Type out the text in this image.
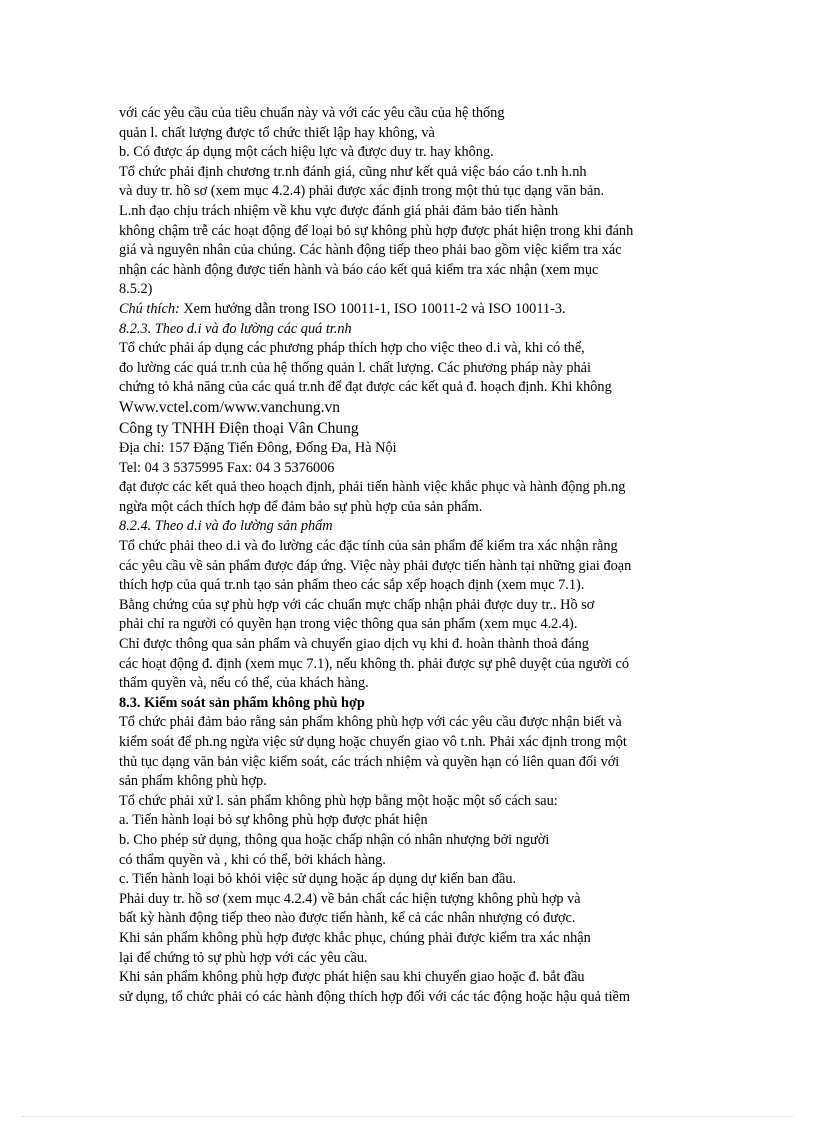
với các yêu cầu của tiêu chuẩn này và với các yêu cầu của hệ thống
quản l. chất lượng được tổ chức thiết lập hay không, và
b. Có được áp dụng một cách hiệu lực và được duy tr. hay không.
Tổ chức phải định chương tr.nh đánh giá, cũng như kết quả việc báo cáo t.nh h.nh
và duy tr. hồ sơ (xem mục 4.2.4) phải được xác định trong một thủ tục dạng văn bản.
L.nh đạo chịu trách nhiệm về khu vực được đánh giá phải đảm bảo tiến hành
không chậm trễ các hoạt động để loại bỏ sự không phù hợp được phát hiện trong khi đánh
giá và nguyên nhân của chúng. Các hành động tiếp theo phải bao gồm việc kiểm tra xác
nhận các hành động được tiến hành và báo cáo kết quả kiểm tra xác nhận (xem mục
8.5.2)
Chú thích: Xem hướng dẫn trong ISO 10011-1, ISO 10011-2 và ISO 10011-3.
8.2.3. Theo d.i và đo lường các quá tr.nh
Tổ chức phải áp dụng các phương pháp thích hợp cho việc theo d.i và, khi có thể,
đo lường các quá tr.nh của hệ thống quản l. chất lượng. Các phương pháp này phải
chứng tỏ khả năng của các quá tr.nh để đạt được các kết quả đ. hoạch định. Khi không
Www.vctel.com/www.vanchung.vn
Công ty TNHH Điện thoại Vân Chung
Địa chỉ: 157 Đặng Tiến Đông, Đống Đa, Hà Nội
Tel: 04 3 5375995 Fax: 04 3 5376006
đạt được các kết quả theo hoạch định, phải tiến hành việc khắc phục và hành động ph.ng
ngừa một cách thích hợp để đảm bảo sự phù hợp của sản phẩm.
8.2.4. Theo d.i và đo lường sản phẩm
Tổ chức phải theo d.i và đo lường các đặc tính của sản phẩm để kiểm tra xác nhận rằng
các yêu cầu về sản phẩm được đáp ứng. Việc này phải được tiến hành tại những giai đoạn
thích hợp của quá tr.nh tạo sản phẩm theo các sắp xếp hoạch định (xem mục 7.1).
Bằng chứng của sự phù hợp với các chuẩn mực chấp nhận phải được duy tr.. Hồ sơ
phải chỉ ra người có quyền hạn trong việc thông qua sản phẩm (xem mục 4.2.4).
Chỉ được thông qua sản phẩm và chuyển giao dịch vụ khi đ. hoàn thành thoả đáng
các hoạt động đ. định (xem mục 7.1), nếu không th. phải được sự phê duyệt của người có
thẩm quyền và, nếu có thể, của khách hàng.
8.3. Kiểm soát sản phẩm không phù hợp
Tổ chức phải đảm bảo rằng sản phẩm không phù hợp với các yêu cầu được nhận biết và
kiểm soát để ph.ng ngừa việc sử dụng hoặc chuyển giao vô t.nh. Phải xác định trong một
thủ tục dạng văn bản việc kiểm soát, các trách nhiệm và quyền hạn có liên quan đối với
sản phẩm không phù hợp.
Tổ chức phải xử l. sản phẩm không phù hợp bằng một hoặc một số cách sau:
a. Tiến hành loại bỏ sự không phù hợp được phát hiện
b. Cho phép sử dụng, thông qua hoặc chấp nhận có nhân nhượng bởi người
có thẩm quyền và , khi có thể, bởi khách hàng.
c. Tiến hành loại bỏ khỏi việc sử dụng hoặc áp dụng dự kiến ban đầu.
Phải duy tr. hồ sơ (xem mục 4.2.4) về bản chất các hiện tượng không phù hợp và
bất kỳ hành động tiếp theo nào được tiến hành, kể cả các nhân nhượng có được.
Khi sản phẩm không phù hợp được khắc phục, chúng phải được kiểm tra xác nhận
lại để chứng tỏ sự phù hợp với các yêu cầu.
Khi sản phẩm không phù hợp được phát hiện sau khi chuyển giao hoặc đ. bắt đầu
sử dụng, tổ chức phải có các hành động thích hợp đối với các tác động hoặc hậu quả tiềm
